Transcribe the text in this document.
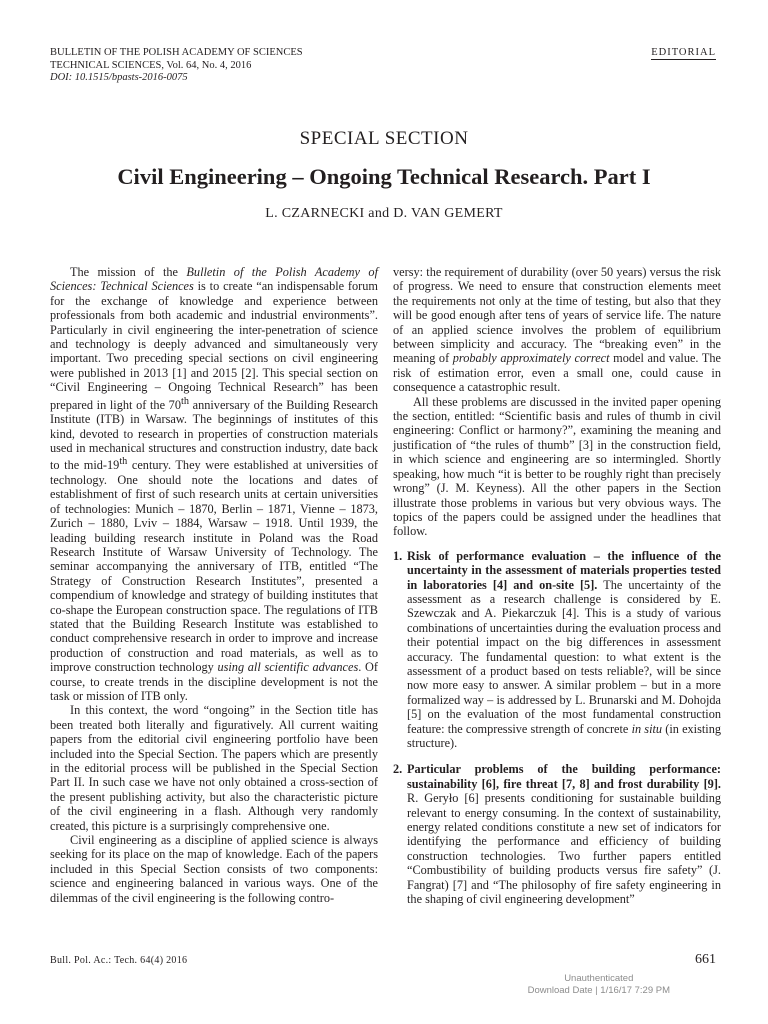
BULLETIN OF THE POLISH ACADEMY OF SCIENCES
TECHNICAL SCIENCES, Vol. 64, No. 4, 2016
DOI: 10.1515/bpasts-2016-0075
EDITORIAL
SPECIAL SECTION
Civil Engineering – Ongoing Technical Research. Part I
L. CZARNECKI and D. VAN GEMERT

The mission of the Bulletin of the Polish Academy of Sciences: Technical Sciences is to create “an indispensable forum for the exchange of knowledge and experience between professionals from both academic and industrial environments”. Particularly in civil engineering the inter-penetration of science and technology is deeply advanced and simultaneously very important. Two preceding special sections on civil engineering were published in 2013 [1] and 2015 [2]. This special section on “Civil Engineering – Ongoing Technical Research” has been prepared in light of the 70th anniversary of the Building Research Institute (ITB) in Warsaw. The beginnings of institutes of this kind, devoted to research in properties of construction materials used in mechanical structures and construction industry, date back to the mid-19th century. They were established at universities of technology. One should note the locations and dates of establishment of first of such research units at certain universities of technologies: Munich – 1870, Berlin – 1871, Vienne – 1873, Zurich – 1880, Lviv – 1884, Warsaw – 1918. Until 1939, the leading building research institute in Poland was the Road Research Institute of Warsaw University of Technology. The seminar accompanying the anniversary of ITB, entitled “The Strategy of Construction Research Institutes”, presented a compendium of knowledge and strategy of building institutes that co-shape the European construction space. The regulations of ITB stated that the Building Research Institute was established to conduct comprehensive research in order to improve and increase production of construction and road materials, as well as to improve construction technology using all scientific advances. Of course, to create trends in the discipline development is not the task or mission of ITB only.

In this context, the word “ongoing” in the Section title has been treated both literally and figuratively. All current waiting papers from the editorial civil engineering portfolio have been included into the Special Section. The papers which are presently in the editorial process will be published in the Special Section Part II. In such case we have not only obtained a cross-section of the present publishing activity, but also the characteristic picture of the civil engineering in a flash. Although very randomly created, this picture is a surprisingly comprehensive one.

Civil engineering as a discipline of applied science is always seeking for its place on the map of knowledge. Each of the papers included in this Special Section consists of two components: science and engineering balanced in various ways. One of the dilemmas of the civil engineering is the following contro-

versy: the requirement of durability (over 50 years) versus the risk of progress. We need to ensure that construction elements meet the requirements not only at the time of testing, but also that they will be good enough after tens of years of service life. The nature of an applied science involves the problem of equilibrium between simplicity and accuracy. The “breaking even” in the meaning of probably approximately correct model and value. The risk of estimation error, even a small one, could cause in consequence a catastrophic result.

All these problems are discussed in the invited paper opening the section, entitled: “Scientific basis and rules of thumb in civil engineering: Conflict or harmony?”, examining the meaning and justification of “the rules of thumb” [3] in the construction field, in which science and engineering are so intermingled. Shortly speaking, how much “it is better to be roughly right than precisely wrong” (J. M. Keyness). All the other papers in the Section illustrate those problems in various but very obvious ways. The topics of the papers could be assigned under the headlines that follow.

1. Risk of performance evaluation – the influence of the uncertainty in the assessment of materials properties tested in laboratories [4] and on-site [5]. The uncertainty of the assessment as a research challenge is considered by E. Szewczak and A. Piekarczuk [4]. This is a study of various combinations of uncertainties during the evaluation process and their potential impact on the big differences in assessment accuracy. The fundamental question: to what extent is the assessment of a product based on tests reliable?, will be since now more easy to answer. A similar problem – but in a more formalized way – is addressed by L. Brunarski and M. Dohojda [5] on the evaluation of the most fundamental construction feature: the compressive strength of concrete in situ (in existing structure).
2. Particular problems of the building performance: sustainability [6], fire threat [7, 8] and frost durability [9]. R. Geryło [6] presents conditioning for sustainable building relevant to energy consuming. In the context of sustainability, energy related conditions constitute a new set of indicators for identifying the performance and efficiency of building construction technologies. Two further papers entitled “Combustibility of building products versus fire safety” (J. Fangrat) [7] and “The philosophy of fire safety engineering in the shaping of civil engineering development”
Bull. Pol. Ac.: Tech. 64(4) 2016	661
Unauthenticated
Download Date | 1/16/17 7:29 PM
